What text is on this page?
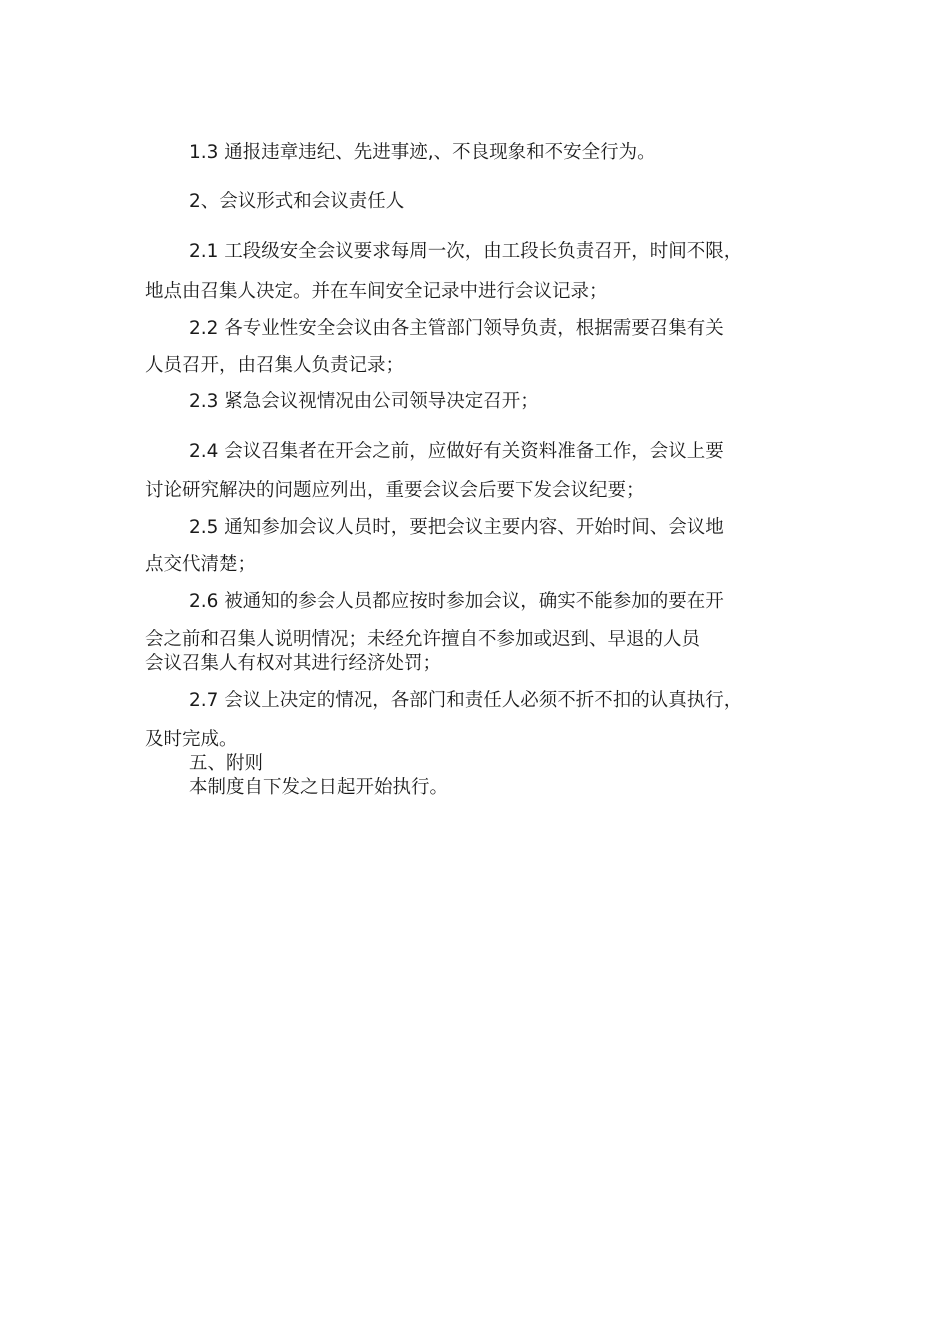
1.3 通报违章违纪、先进事迹,、不良现象和不安全行为。
2、会议形式和会议责任人
2.1 工段级安全会议要求每周一次，由工段长负责召开，时间不限，
地点由召集人决定。并在车间安全记录中进行会议记录；
2.2 各专业性安全会议由各主管部门领导负责，根据需要召集有关
人员召开，由召集人负责记录；
2.3 紧急会议视情况由公司领导决定召开；
2.4 会议召集者在开会之前，应做好有关资料准备工作，会议上要
讨论研究解决的问题应列出，重要会议会后要下发会议纪要；
2.5 通知参加会议人员时，要把会议主要内容、开始时间、会议地
点交代清楚；
2.6 被通知的参会人员都应按时参加会议，确实不能参加的要在开
会之前和召集人说明情况；未经允许擅自不参加或迟到、早退的人员
会议召集人有权对其进行经济处罚；
2.7 会议上决定的情况，各部门和责任人必须不折不扣的认真执行，
及时完成。
五、附则
本制度自下发之日起开始执行。
